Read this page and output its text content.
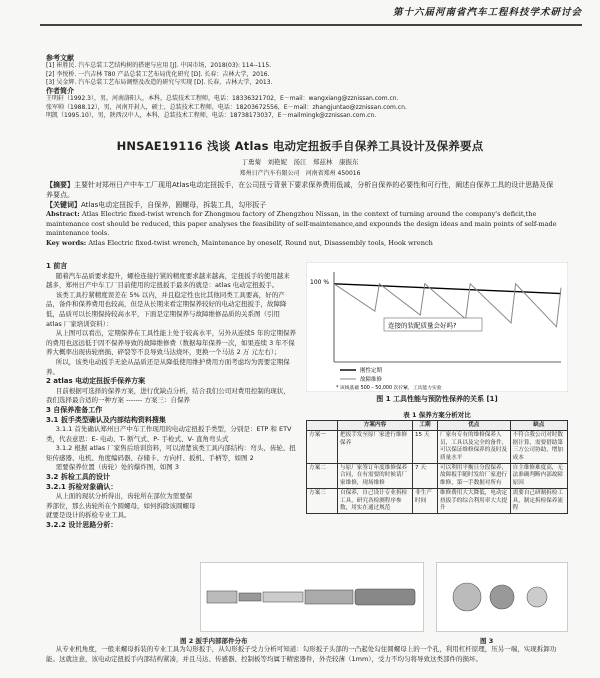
第十六届河南省汽车工程科技学术研讨会
参考文献
[1] 崔胜民. 汽车总装工艺结构树的搭建与应用 [J]. 中国市场，2018(03): 114--115.
[2] 李悦桥. 一汽吉林 T80 产品总装工艺布局优化研究 [D]. 长春：吉林大学，2016.
[3] 吴金辉. 汽车总装工艺布局调整及改造的研究与实现 [D]. 长春，吉林大学，2013.
作者简介
王明轩（1992.3），男，河南洛阳人，本科，总装技术工程师，电话：18336321702，E－mail：wangxiang@zznissan.com.cn.
张军帅（1988.12），男，河南开封人，硕士，总装技术工程师，电话：18203672556，E－mail：zhangjuntao@zznissan.com.cn.
明凯（1995.10），男，陕西汉中人，本科，总装技术工程师，电话：18738173037，E－mailmingk@zznissan.com.cn.
HNSAE19116 浅谈 Atlas 电动定扭扳手自保养工具设计及保养要点
丁勇菊　刘艳妮　汤江　郑兹林　康振东
郑州日产汽车有限公司　河南省郑州 450016
【摘要】主要针对郑州日产中车工厂现用Atlas电动定扭扳手，在公司扭亏背景下要求保养费用低减，分析自保养的必要性和可行性，阐述自保养工具的设计思路及保养要点。
【关键词】Atlas电动定扭扳手，自保养，圆螺母，拆装工具，勾形扳子
Abstract: Atlas Electric fixed-twist wrench for Zhongmou factory of Zhengzhou Nissan, in the context of turning around the company's deficit,the maintenance cost should be reduced, this paper analyses the feasibility of self-maintenance,and expounds the design ideas and main points of self-made maintenance tools.
Key words: Atlas Electric fixed-twist wrench, Maintenance by oneself, Round nut, Disassembly tools, Hook wrench

1 前言

随着汽车品质要求提升，螺栓连接拧紧的精度要求越来越高，定扭扳手的使用越来越多，郑州日产中车工厂目前使用的定扭扳手最多的就是：atlas 电动定扭扳手。

该类工具拧紧精度误差在 5% 以内，并且稳定性也比其他同类工具要高，好的产品，备件和保养费用也较高，但是从长期来看定期保养较好的电动定扭扳手，故障降低，品质可以长期保持较高水平，下面是定期保养与故障维修品质的关系图（引用 atlas 厂家培训资料）：

从上图可以看出，定期保养在工具性能上处于较高水平，另外从连续5 年的定期保养的费用也远远低于因不保养导致的故障维修费（数据每年保养一次，如果连续 3 年不保养大概率出现齿轮磨损、碎裂等不良导致马达烧坏，更换一个马达 2 万 元左右）；

所以，该类电动扳手无论从品质还是从降低使用维护费用方面考虑均为需要定期保养。

2 atlas 电动定扭扳手保养方案

目前根据可选择的保养方案，进行优缺点分析，结合我们公司对费用控制的现状，我们选择最合适的一种方案 ------- 方案三：自保养

3 自保养准备工作

3.1 扳手类型确认及内部结构资料搜集

3.1.1 首先确认郑州日产中车工作现用的电动定扭扳手类型，分别是：ETP 和 ETV 类，代表意思：E- 电动、T- 断气式、P- 手枪式、V- 直角弯头式

3.1.2 根据 atlas 厂家售后培训资料，可以清楚该类工具内部结构：弯头、齿轮、扭矩传感器、电机、角度编码器、存储卡、方向杆、扳机、手柄等，如图 2

需要保养位置（齿轮）处的爆炸图，如图 3

3.2 拆检工具的设计

3.2.1 拆检对象确认：

从上面的现状分析得出，齿轮所在部位为需要保养部位，那么齿轮所在个圆螺母，如何拆除该圆螺母就要是设计的拆检专业工具。

3.2.2 设计思路分析：

100 %
连接的装配质量会好吗?
刚性定期
故障维修
* 该线基础 500 – 50,000 次拧紧，工具能力实验
图 1 工具性能与预防性保养的关系 [1]
表 1 保养方案分析对比
	方案内容	工期	优点	缺点
方案一	把扳手发至原厂家进行维修保养	15 天	厂家有专有的维修保养人员，工具以及完全的备件，可以保证维修保养的及时及质量水平	不符合我公司对时数据计算，需要借助第三方公司协助，增加成本
方案二	与原厂家签订年度维修保养合同，在有需要的时候请厂家维修，现场维修	7 天	可以利用平衡日分段保养，故障扳手随时发给厂家进行维修，第一手数据对所有	自主维修难度高，无法准确判断内部故障原因
方案三	自保养，自己设计专业拆检工具，研究各检测程序参数，用实在通过规范	非生产时间	维修费用大大降低，电动定扭扳手的综合利用率大大提升	需要自己研制拆检工具，制定拆检保养流程
图 2 扳手内部部件分布	图 3
从专业机角度，一般来螺母拆装的专业工具为勾形扳手，从勾形扳子受力分析可知道：勾形扳子头部的一凸起处勾住圆螺母上的一个孔，利用杠杆原理，压另一端，实现拆卸功能。这就注意，该电动定扭扳手内部结构紧凑，并且马达、传感器、控制板等均属于精密器件，外壳较薄（1mm），受力不均匀将导致这类部件的损坏。
